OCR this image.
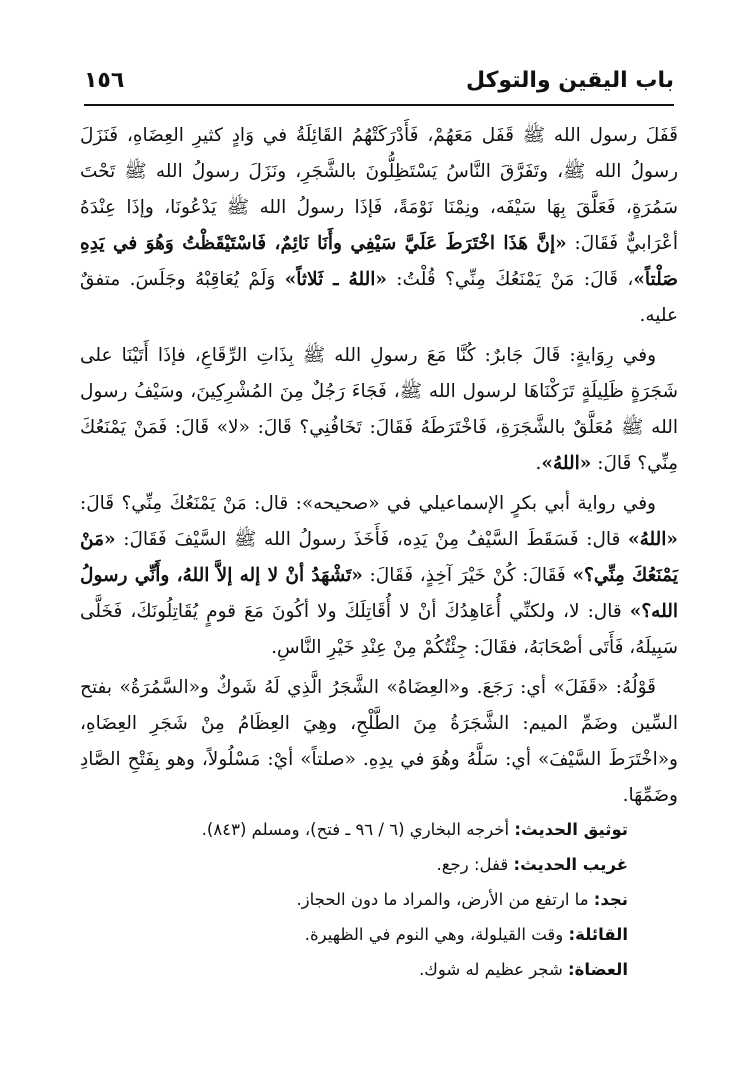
باب اليقين والتوكل
١٥٦

قَفَلَ رسول الله ﷺ قَفَل مَعَهُمْ، فَأَدْرَكَتْهُمُ القَائِلَةُ في وَادٍ كثيرِ العِضَاهِ، فَنَزَلَ رسولُ الله ﷺ، وتَفَرَّقَ النَّاسُ يَسْتَظِلُّونَ بالشَّجَرِ، ونَزَلَ رسولُ الله ﷺ تَحْتَ سَمُرَةٍ، فَعَلَّقَ بِهَا سَيْفَه، ونِمْنَا نَوْمَةً، فَإذَا رسولُ الله ﷺ يَدْعُونَا، وإذَا عِنْدَهُ أعْرَابيٌّ فَقَالَ: «إنَّ هَذَا اخْتَرَطَ عَلَيَّ سَيْفِي وأَنَا نَائِمٌ، فَاسْتَيْقَظْتُ وَهُوَ في يَدِهِ صَلْتاً»، قَالَ: مَنْ يَمْنَعُكَ مِنِّي؟ قُلْتُ: «اللهُ ـ ثَلاثاً» وَلَمْ يُعَاقِبْهُ وجَلَسَ. متفقٌ عليه.

وفي رِوَايةٍ: قَالَ جَابرٌ: كُنَّا مَعَ رسولِ الله ﷺ بِذَاتِ الرِّقَاعِ، فإذَا أَتَيْنَا على شَجَرَةٍ ظَلِيلَةٍ تَرَكْنَاهَا لرسول الله ﷺ، فَجَاءَ رَجُلٌ مِنَ المُشْرِكِينَ، وسَيْفُ رسول الله ﷺ مُعَلَّقٌ بالشَّجَرَةِ، فَاخْتَرَطَهُ فَقَالَ: تَخَافُنِي؟ قَالَ: «لا» قَالَ: فَمَنْ يَمْنَعُكَ مِنِّي؟ قَالَ: «اللهُ».

وفي رواية أبي بكرٍ الإسماعيلي في «صحيحه»: قال: مَنْ يَمْنَعُكَ مِنِّي؟ قَالَ: «اللهُ» قال: فَسَقَطَ السَّيْفُ مِنْ يَدِه، فَأَخَذَ رسولُ الله ﷺ السَّيْفَ فَقَالَ: «مَنْ يَمْنَعُكَ مِنِّي؟» فَقَالَ: كُنْ خَيْرَ آخِذٍ، فَقَالَ: «تَشْهَدُ أنْ لا إله إلاَّ اللهُ، وأَنِّي رسولُ الله؟» قال: لا، ولكنِّي أُعَاهِدُكَ أنْ لا أُقَاتِلَكَ ولا أكُونَ مَعَ قومٍ يُقَاتِلُونَكَ، فَخَلَّى سَبِيلَهُ، فَأَتَى أصْحَابَهُ، فقَالَ: جِئْتُكُمْ مِنْ عِنْدِ خَيْرِ النَّاسِ.

قَوْلُهُ: «قَفَلَ» أي: رَجَعَ. و«العِضَاهُ» الشَّجَرُ الَّذِي لَهُ شَوكٌ و«السَّمُرَةُ» بفتح السِّين وضَمِّ الميم: الشَّجَرَةُ مِنَ الطَّلْحِ، وهِيَ العِظَامُ مِنْ شَجَرِ العِضَاهِ، و«اخْتَرَطَ السَّيْفَ» أي: سَلَّهُ وهُوَ في يدِهِ. «صلتاً» أيْ: مَسْلُولاً، وهو بِفَتْحِ الصَّادِ وضَمِّهَا.

توثيق الحديث: أخرجه البخاري (٦ / ٩٦ ـ فتح)، ومسلم (٨٤٣).
غريب الحديث: قفل: رجع.
نجد: ما ارتفع من الأرض، والمراد ما دون الحجاز.
القائلة: وقت القيلولة، وهي النوم في الظهيرة.
العضاة: شجر عظيم له شوك.
